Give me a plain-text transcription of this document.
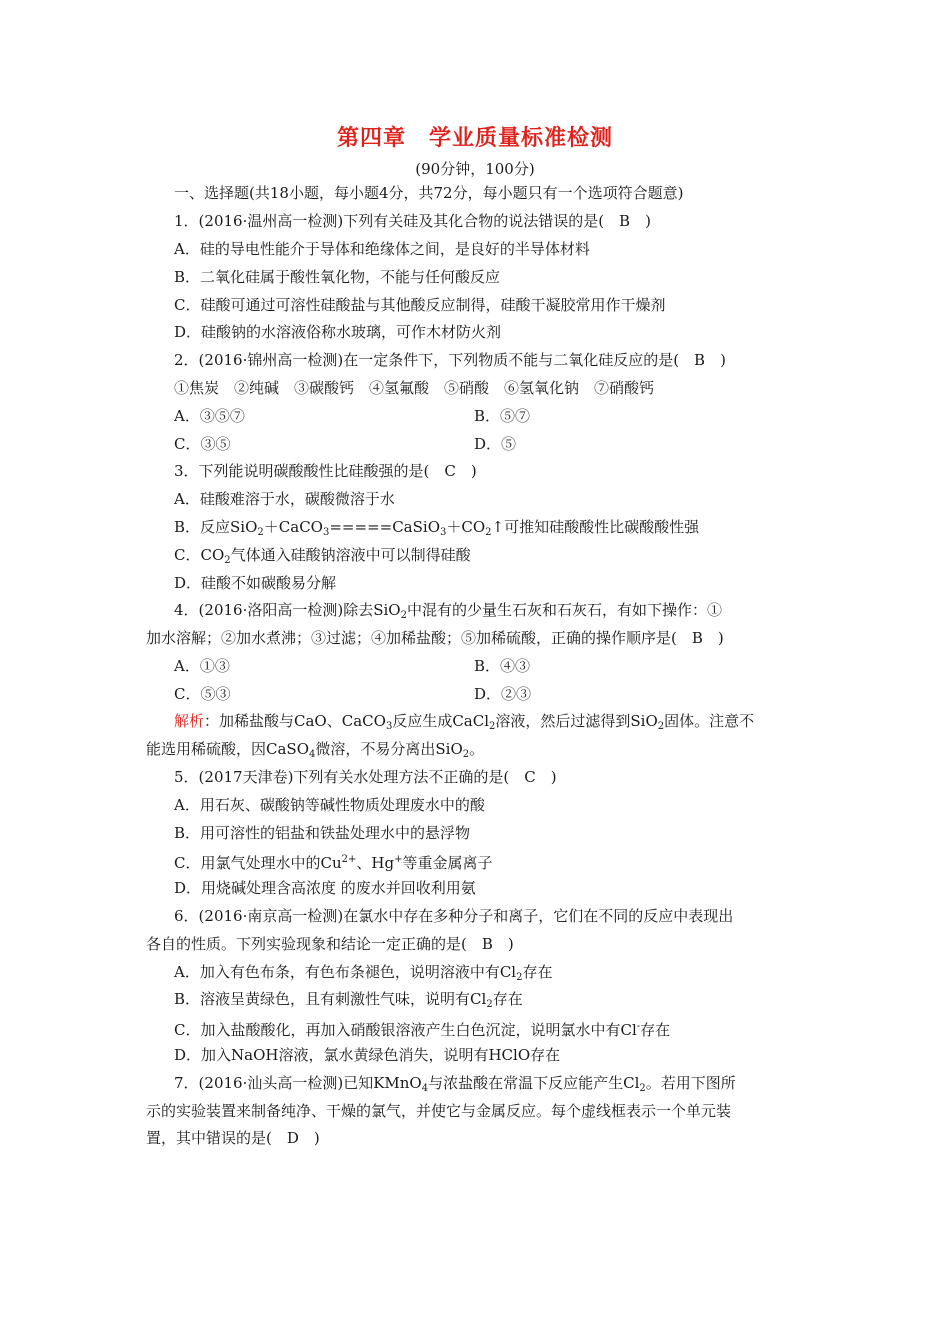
第四章　学业质量标准检测
(90分钟，100分)
一、选择题(共18小题，每小题4分，共72分，每小题只有一个选项符合题意)
1．(2016·温州高一检测)下列有关硅及其化合物的说法错误的是(　B　)
A．硅的导电性能介于导体和绝缘体之间，是良好的半导体材料
B．二氧化硅属于酸性氧化物，不能与任何酸反应
C．硅酸可通过可溶性硅酸盐与其他酸反应制得，硅酸干凝胶常用作干燥剂
D．硅酸钠的水溶液俗称水玻璃，可作木材防火剂
2．(2016·锦州高一检测)在一定条件下，下列物质不能与二氧化硅反应的是(　B　)
①焦炭　②纯碱　③碳酸钙　④氢氟酸　⑤硝酸　⑥氢氧化钠　⑦硝酸钙
A．③⑤⑦	B．⑤⑦
C．③⑤	D．⑤
3．下列能说明碳酸酸性比硅酸强的是(　C　)
A．硅酸难溶于水，碳酸微溶于水
B．反应$SiO_2+CaCO_3=====CaSiO_3+CO_2↑$可推知硅酸酸性比碳酸酸性强
C．$CO_2$气体通入硅酸钠溶液中可以制得硅酸
D．硅酸不如碳酸易分解
4．(2016·洛阳高一检测)除去SiO$_2$中混有的少量生石灰和石灰石，有如下操作：①
加水溶解；②加水煮沸；③过滤；④加稀盐酸；⑤加稀硫酸，正确的操作顺序是(　B　)
A．①③	B．④③
C．⑤③	D．②③
解析：加稀盐酸与CaO、CaCO$_3$反应生成CaCl$_2$溶液，然后过滤得到SiO$_2$固体。注意不
能选用稀硫酸，因CaSO$_4$微溶，不易分离出SiO$_2$。
5．(2017天津卷)下列有关水处理方法不正确的是(　C　)
A．用石灰、碳酸钠等碱性物质处理废水中的酸
B．用可溶性的铝盐和铁盐处理水中的悬浮物
C．用氯气处理水中的$Cu^{2+}$、Hg+等重金属离子
D．用烧碱处理含高浓度 的废水并回收利用氨
6．(2016·南京高一检测)在氯水中存在多种分子和离子，它们在不同的反应中表现出
各自的性质。下列实验现象和结论一定正确的是(　B　)
A．加入有色布条，有色布条褪色，说明溶液中有$Cl_2$存在
B．溶液呈黄绿色，且有刺激性气味，说明有$Cl_2$存在
C．加入盐酸酸化，再加入硝酸银溶液产生白色沉淀，说明氯水中有Cl-存在
D．加入NaOH溶液，氯水黄绿色消失，说明有HClO存在
7．(2016·汕头高一检测)已知KMnO$_4$与浓盐酸在常温下反应能产生$Cl_2$。若用下图所
示的实验装置来制备纯净、干燥的氯气，并使它与金属反应。每个虚线框表示一个单元装
置，其中错误的是(　D　)
